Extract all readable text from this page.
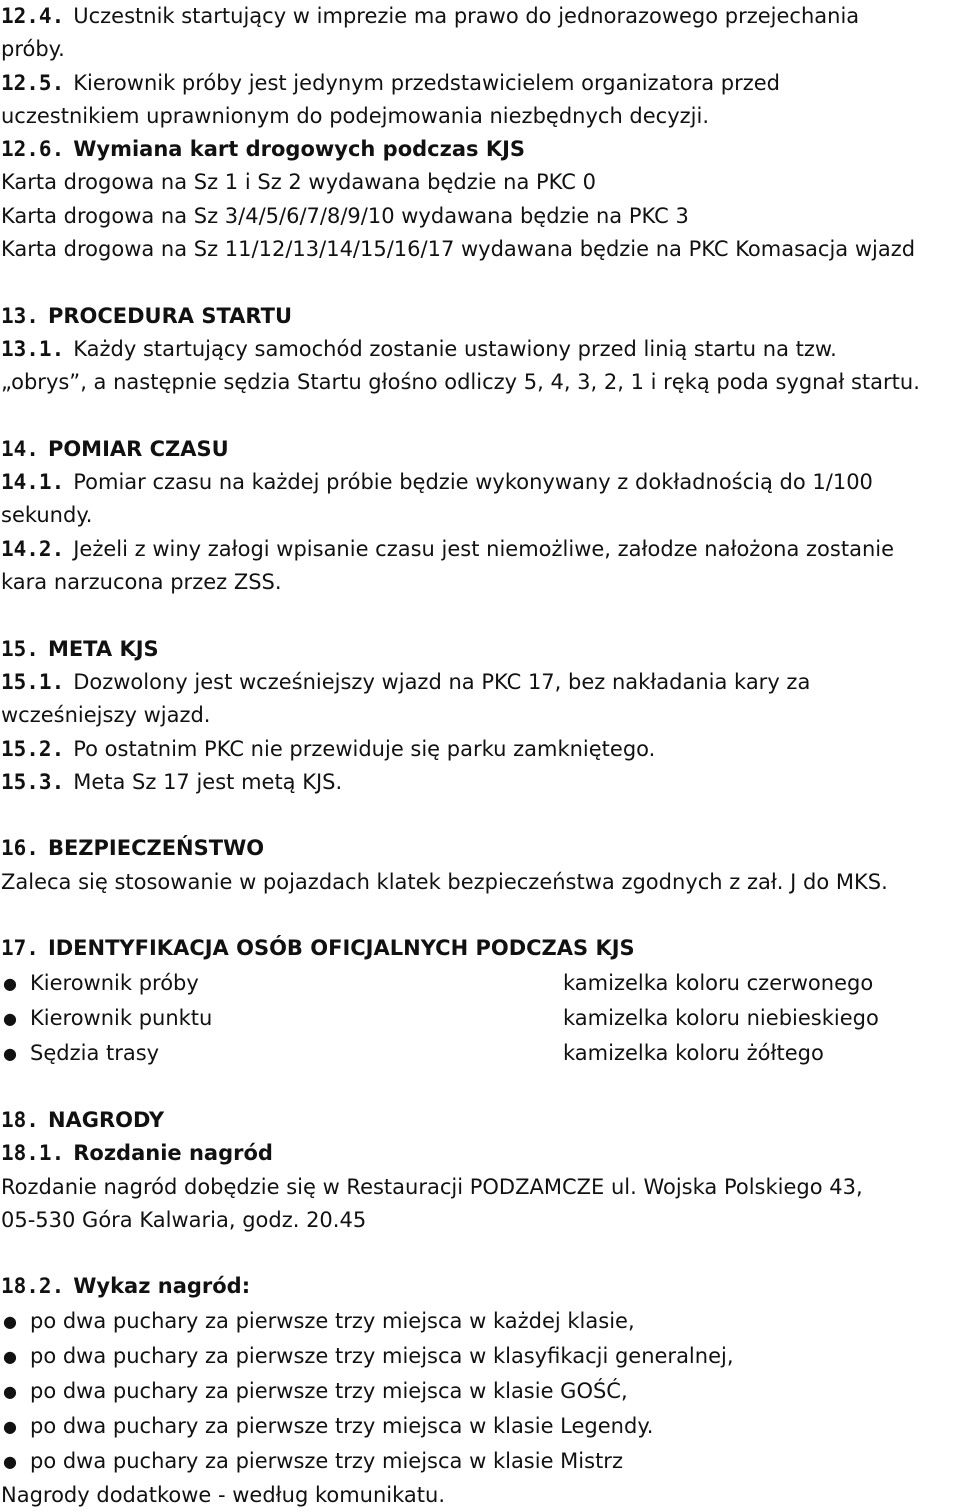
12.4. Uczestnik startujący w imprezie ma prawo do jednorazowego przejechania
próby.
12.5. Kierownik próby jest jedynym przedstawicielem organizatora przed
uczestnikiem uprawnionym do podejmowania niezbędnych decyzji.
12.6. Wymiana kart drogowych podczas KJS
Karta drogowa na Sz 1 i Sz 2 wydawana będzie na PKC 0
Karta drogowa na Sz 3/4/5/6/7/8/9/10 wydawana będzie na PKC 3
Karta drogowa na Sz 11/12/13/14/15/16/17 wydawana będzie na PKC Komasacja wjazd
13. PROCEDURA STARTU
13.1. Każdy startujący samochód zostanie ustawiony przed linią startu na tzw.
„obrys”, a następnie sędzia Startu głośno odliczy 5, 4, 3, 2, 1 i ręką poda sygnał startu.
14. POMIAR CZASU
14.1. Pomiar czasu na każdej próbie będzie wykonywany z dokładnością do 1/100
sekundy.
14.2. Jeżeli z winy załogi wpisanie czasu jest niemożliwe, załodze nałożona zostanie
kara narzucona przez ZSS.
15. META KJS
15.1. Dozwolony jest wcześniejszy wjazd na PKC 17, bez nakładania kary za
wcześniejszy wjazd.
15.2. Po ostatnim PKC nie przewiduje się parku zamkniętego.
15.3. Meta Sz 17 jest metą KJS.
16. BEZPIECZEŃSTWO
Zaleca się stosowanie w pojazdach klatek bezpieczeństwa zgodnych z zał. J do MKS.
17. IDENTYFIKACJA OSÓB OFICJALNYCH PODCZAS KJS
● Kierownik próby	kamizelka koloru czerwonego
● Kierownik punktu	kamizelka koloru niebieskiego
● Sędzia trasy	kamizelka koloru żółtego
18. NAGRODY
18.1. Rozdanie nagród
Rozdanie nagród dobędzie się w Restauracji PODZAMCZE ul. Wojska Polskiego 43,
05-530 Góra Kalwaria, godz. 20.45
18.2. Wykaz nagród:
● po dwa puchary za pierwsze trzy miejsca w każdej klasie,
● po dwa puchary za pierwsze trzy miejsca w klasyfikacji generalnej,
● po dwa puchary za pierwsze trzy miejsca w klasie GOŚĆ,
● po dwa puchary za pierwsze trzy miejsca w klasie Legendy.
● po dwa puchary za pierwsze trzy miejsca w klasie Mistrz
Nagrody dodatkowe - według komunikatu.
